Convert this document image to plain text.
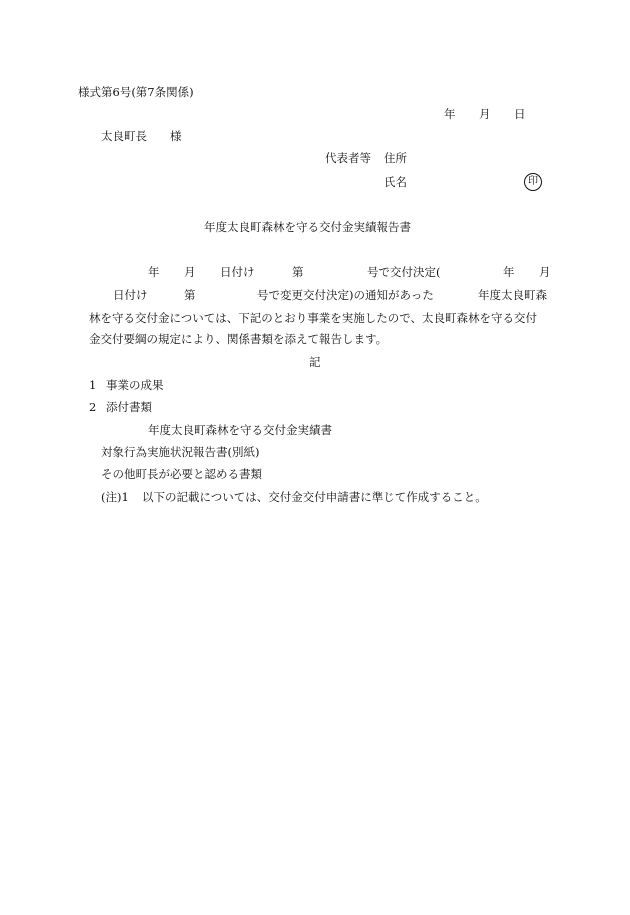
様式第6号(第7条関係)
年 月 日
太良町長 様
代表者等 住所
氏名	印
年度太良町森林を守る交付金実績報告書
年 月 日付け	第	号で交付決定(	年 月
日付け	第	号で変更交付決定)の通知があった	年度太良町森
林を守る交付金については、下記のとおり事業を実施したので、太良町森林を守る交付
金交付要綱の規定により、関係書類を添えて報告します。
記
1 事業の成果
2 添付書類
年度太良町森林を守る交付金実績書
対象行為実施状況報告書(別紙)
その他町長が必要と認める書類
(注)1 以下の記載については、交付金交付申請書に準じて作成すること。
